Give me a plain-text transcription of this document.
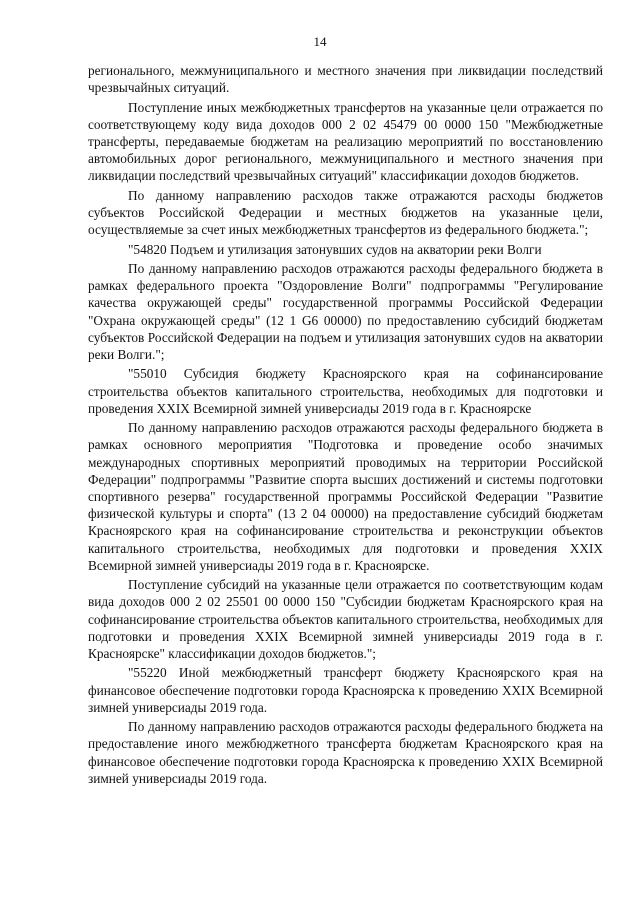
14

регионального, межмуниципального и местного значения при ликвидации последствий чрезвычайных ситуаций.

Поступление иных межбюджетных трансфертов на указанные цели отражается по соответствующему коду вида доходов 000 2 02 45479 00 0000 150 "Межбюджетные трансферты, передаваемые бюджетам на реализацию мероприятий по восстановлению автомобильных дорог регионального, межмуниципального и местного значения при ликвидации последствий чрезвычайных ситуаций" классификации доходов бюджетов.

По данному направлению расходов также отражаются расходы бюджетов субъектов Российской Федерации и местных бюджетов на указанные цели, осуществляемые за счет иных межбюджетных трансфертов из федерального бюджета.";

"54820 Подъем и утилизация затонувших судов на акватории реки Волги

По данному направлению расходов отражаются расходы федерального бюджета в рамках федерального проекта "Оздоровление Волги" подпрограммы "Регулирование качества окружающей среды" государственной программы Российской Федерации "Охрана окружающей среды" (12 1 G6 00000) по предоставлению субсидий бюджетам субъектов Российской Федерации на подъем и утилизация затонувших судов на акватории реки Волги.";

"55010 Субсидия бюджету Красноярского края на софинансирование строительства объектов капитального строительства, необходимых для подготовки и проведения XXIX Всемирной зимней универсиады 2019 года в г. Красноярске

По данному направлению расходов отражаются расходы федерального бюджета в рамках основного мероприятия "Подготовка и проведение особо значимых международных спортивных мероприятий проводимых на территории Российской Федерации" подпрограммы "Развитие спорта высших достижений и системы подготовки спортивного резерва" государственной программы Российской Федерации "Развитие физической культуры и спорта" (13 2 04 00000) на предоставление субсидий бюджетам Красноярского края на софинансирование строительства и реконструкции объектов капитального строительства, необходимых для подготовки и проведения XXIX Всемирной зимней универсиады 2019 года в г. Красноярске.

Поступление субсидий на указанные цели отражается по соответствующим кодам вида доходов 000 2 02 25501 00 0000 150 "Субсидии бюджетам Красноярского края на софинансирование строительства объектов капитального строительства, необходимых для подготовки и проведения XXIX Всемирной зимней универсиады 2019 года в г. Красноярске" классификации доходов бюджетов.";

"55220 Иной межбюджетный трансферт бюджету Красноярского края на финансовое обеспечение подготовки города Красноярска к проведению XXIX Всемирной зимней универсиады 2019 года.

По данному направлению расходов отражаются расходы федерального бюджета на предоставление иного межбюджетного трансферта бюджетам Красноярского края на финансовое обеспечение подготовки города Красноярска к проведению XXIX Всемирной зимней универсиады 2019 года.
